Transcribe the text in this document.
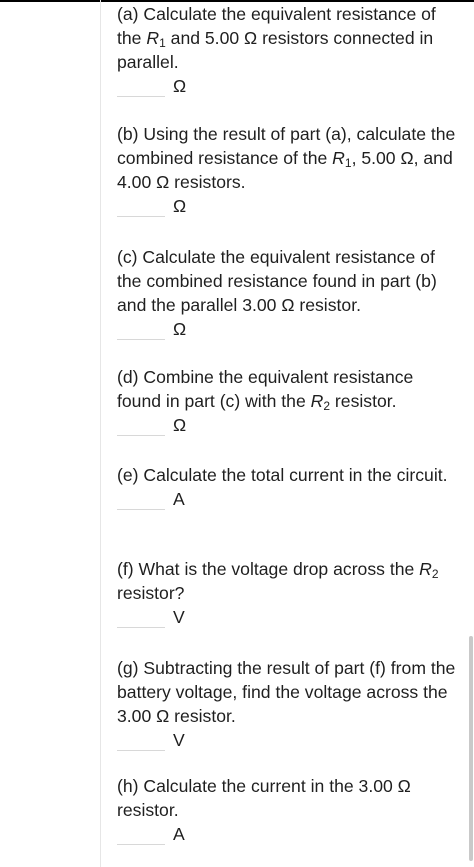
(a) Calculate the equivalent resistance of the $R_1$ and 5.00 Ω resistors connected in parallel.

Ω

(b) Using the result of part (a), calculate the combined resistance of the $R_1$, 5.00 Ω, and 4.00 Ω resistors.

Ω

(c) Calculate the equivalent resistance of the combined resistance found in part (b) and the parallel 3.00 Ω resistor.

Ω

(d) Combine the equivalent resistance found in part (c) with the $R_2$ resistor.

Ω

(e) Calculate the total current in the circuit.

A

(f) What is the voltage drop across the $R_2$ resistor?

V

(g) Subtracting the result of part (f) from the battery voltage, find the voltage across the 3.00 Ω resistor.

V

(h) Calculate the current in the 3.00 Ω resistor.

A
